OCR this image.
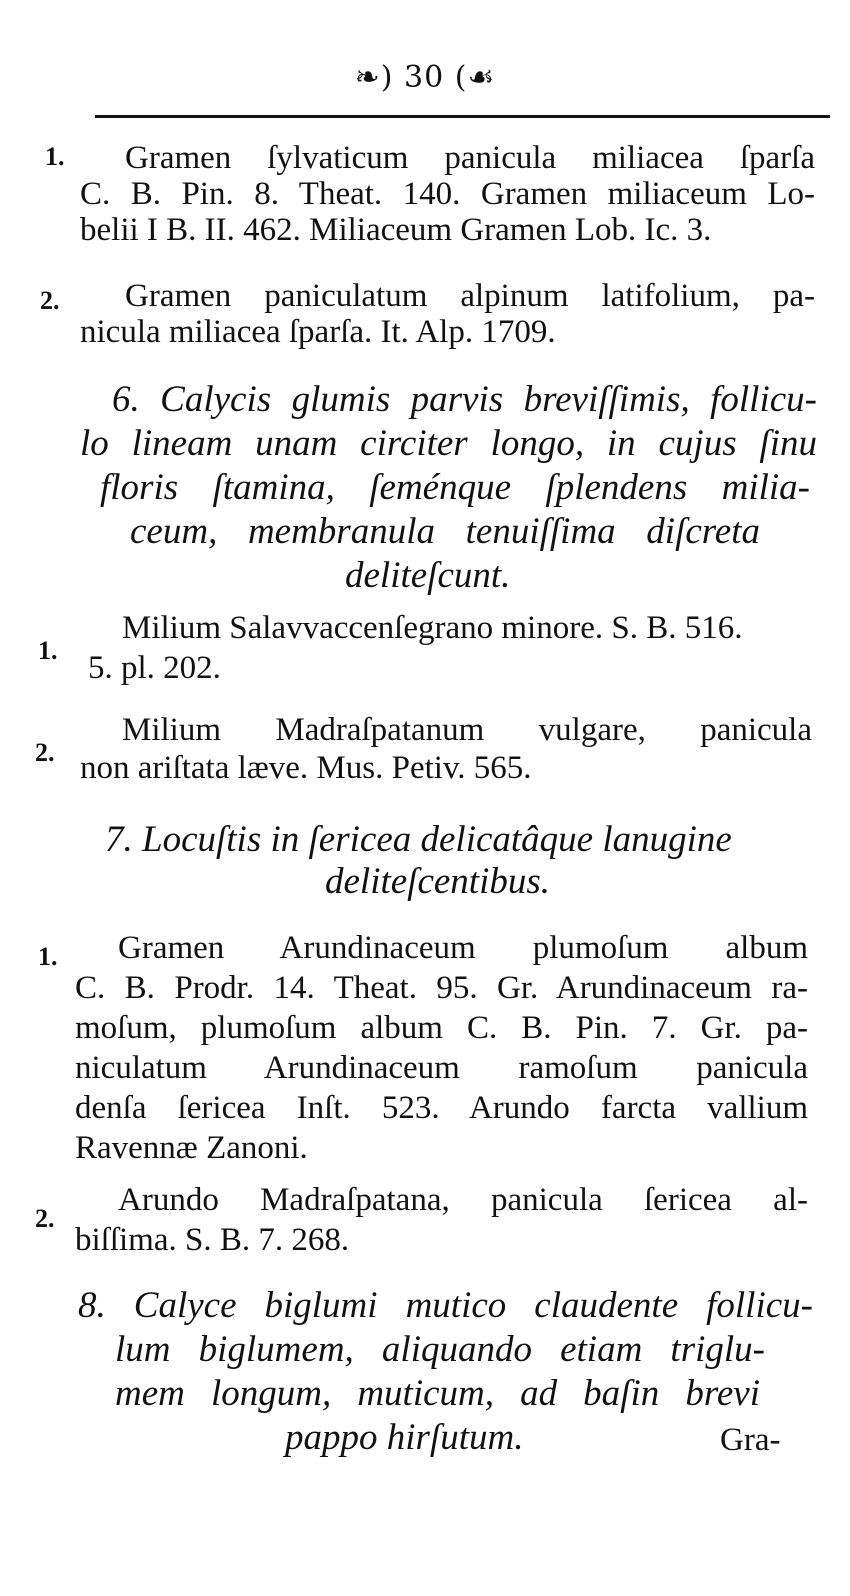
❧) 30 (☙
1. Gramen ſylvaticum panicula miliacea ſparſa
C. B. Pin. 8. Theat. 140. Gramen miliaceum Lo-
belii I B. II. 462. Miliaceum Gramen Lob. Ic. 3.
2. Gramen paniculatum alpinum latifolium, pa-
nicula miliacea ſparſa. It. Alp. 1709.
6. Calycis glumis parvis breviſſimis, follicu-
lo lineam unam circiter longo, in cujus ſinu
floris ſtamina, ſeménque ſplendens milia-
ceum, membranula tenuiſſima diſcreta
deliteſcunt.
1.
Milium Salavvaccenſegrano minore. S. B. 516.
5. pl. 202.
2.
Milium Madraſpatanum vulgare, panicula
non ariſtata læve. Mus. Petiv. 565.
7. Locuſtis in ſericea delicatâque lanugine
deliteſcentibus.
1. Gramen Arundinaceum plumoſum album
C. B. Prodr. 14. Theat. 95. Gr. Arundinaceum ra-
moſum, plumoſum album C. B. Pin. 7. Gr. pa-
niculatum Arundinaceum ramoſum panicula
denſa ſericea Inſt. 523. Arundo farcta vallium
Ravennæ Zanoni.
2.
Arundo Madraſpatana, panicula ſericea al-
biſſima. S. B. 7. 268.
8. Calyce biglumi mutico claudente follicu-
lum biglumem, aliquando etiam triglu-
mem longum, muticum, ad baſin brevi
pappo hirſutum.	Gra-
